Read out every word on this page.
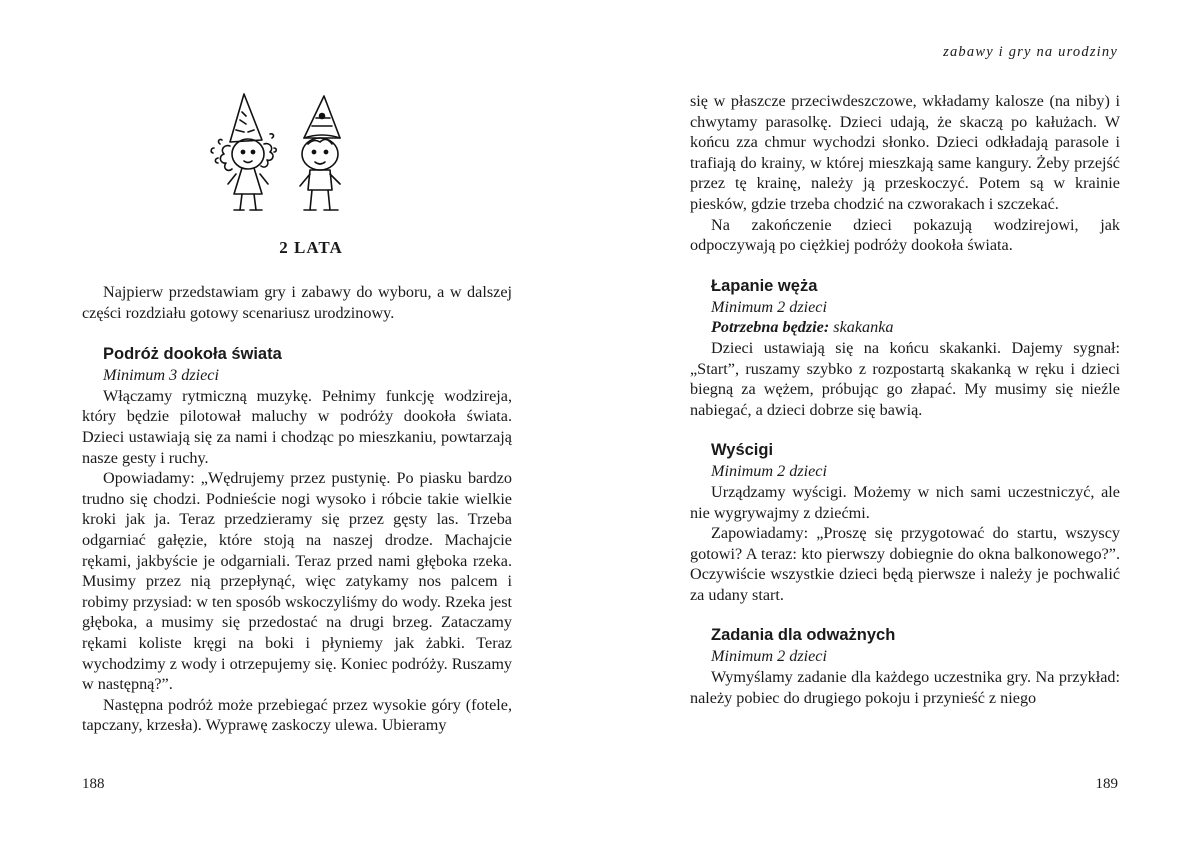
2 LATA

Najpierw przedstawiam gry i zabawy do wyboru, a w dalszej części rozdziału gotowy scenariusz urodzinowy.

Podróż dookoła świata

Minimum 3 dzieci

Włączamy rytmiczną muzykę. Pełnimy funkcję wodzireja, który będzie pilotował maluchy w podróży dookoła świata. Dzieci ustawiają się za nami i chodząc po mieszkaniu, powtarzają nasze gesty i ruchy.

Opowiadamy: „Wędrujemy przez pustynię. Po piasku bardzo trudno się chodzi. Podnieście nogi wysoko i róbcie takie wielkie kroki jak ja. Teraz przedzieramy się przez gęsty las. Trzeba odgarniać gałęzie, które stoją na naszej drodze. Machajcie rękami, jakbyście je odgarniali. Teraz przed nami głęboka rzeka. Musimy przez nią przepłynąć, więc zatykamy nos palcem i robimy przysiad: w ten sposób wskoczyliśmy do wody. Rzeka jest głęboka, a musimy się przedostać na drugi brzeg. Zataczamy rękami koliste kręgi na boki i płyniemy jak żabki. Teraz wychodzimy z wody i otrzepujemy się. Koniec podróży. Ruszamy w następną?”.

Następna podróż może przebiegać przez wysokie góry (fotele, tapczany, krzesła). Wyprawę zaskoczy ulewa. Ubieramy

188
zabawy i gry na urodziny
189

się w płaszcze przeciwdeszczowe, wkładamy kalosze (na niby) i chwytamy parasolkę. Dzieci udają, że skaczą po kałużach. W końcu zza chmur wychodzi słonko. Dzieci odkładają parasole i trafiają do krainy, w której mieszkają same kangury. Żeby przejść przez tę krainę, należy ją przeskoczyć. Potem są w krainie piesków, gdzie trzeba chodzić na czworakach i szczekać.

Na zakończenie dzieci pokazują wodzirejowi, jak odpoczywają po ciężkiej podróży dookoła świata.

Łapanie węża

Minimum 2 dzieci

Potrzebna będzie: skakanka

Dzieci ustawiają się na końcu skakanki. Dajemy sygnał: „Start”, ruszamy szybko z rozpostartą skakanką w ręku i dzieci biegną za wężem, próbując go złapać. My musimy się nieźle nabiegać, a dzieci dobrze się bawią.

Wyścigi

Minimum 2 dzieci

Urządzamy wyścigi. Możemy w nich sami uczestniczyć, ale nie wygrywajmy z dziećmi.

Zapowiadamy: „Proszę się przygotować do startu, wszyscy gotowi? A teraz: kto pierwszy dobiegnie do okna balkonowego?”. Oczywiście wszystkie dzieci będą pierwsze i należy je pochwalić za udany start.

Zadania dla odważnych

Minimum 2 dzieci

Wymyślamy zadanie dla każdego uczestnika gry. Na przykład: należy pobiec do drugiego pokoju i przynieść z niego
